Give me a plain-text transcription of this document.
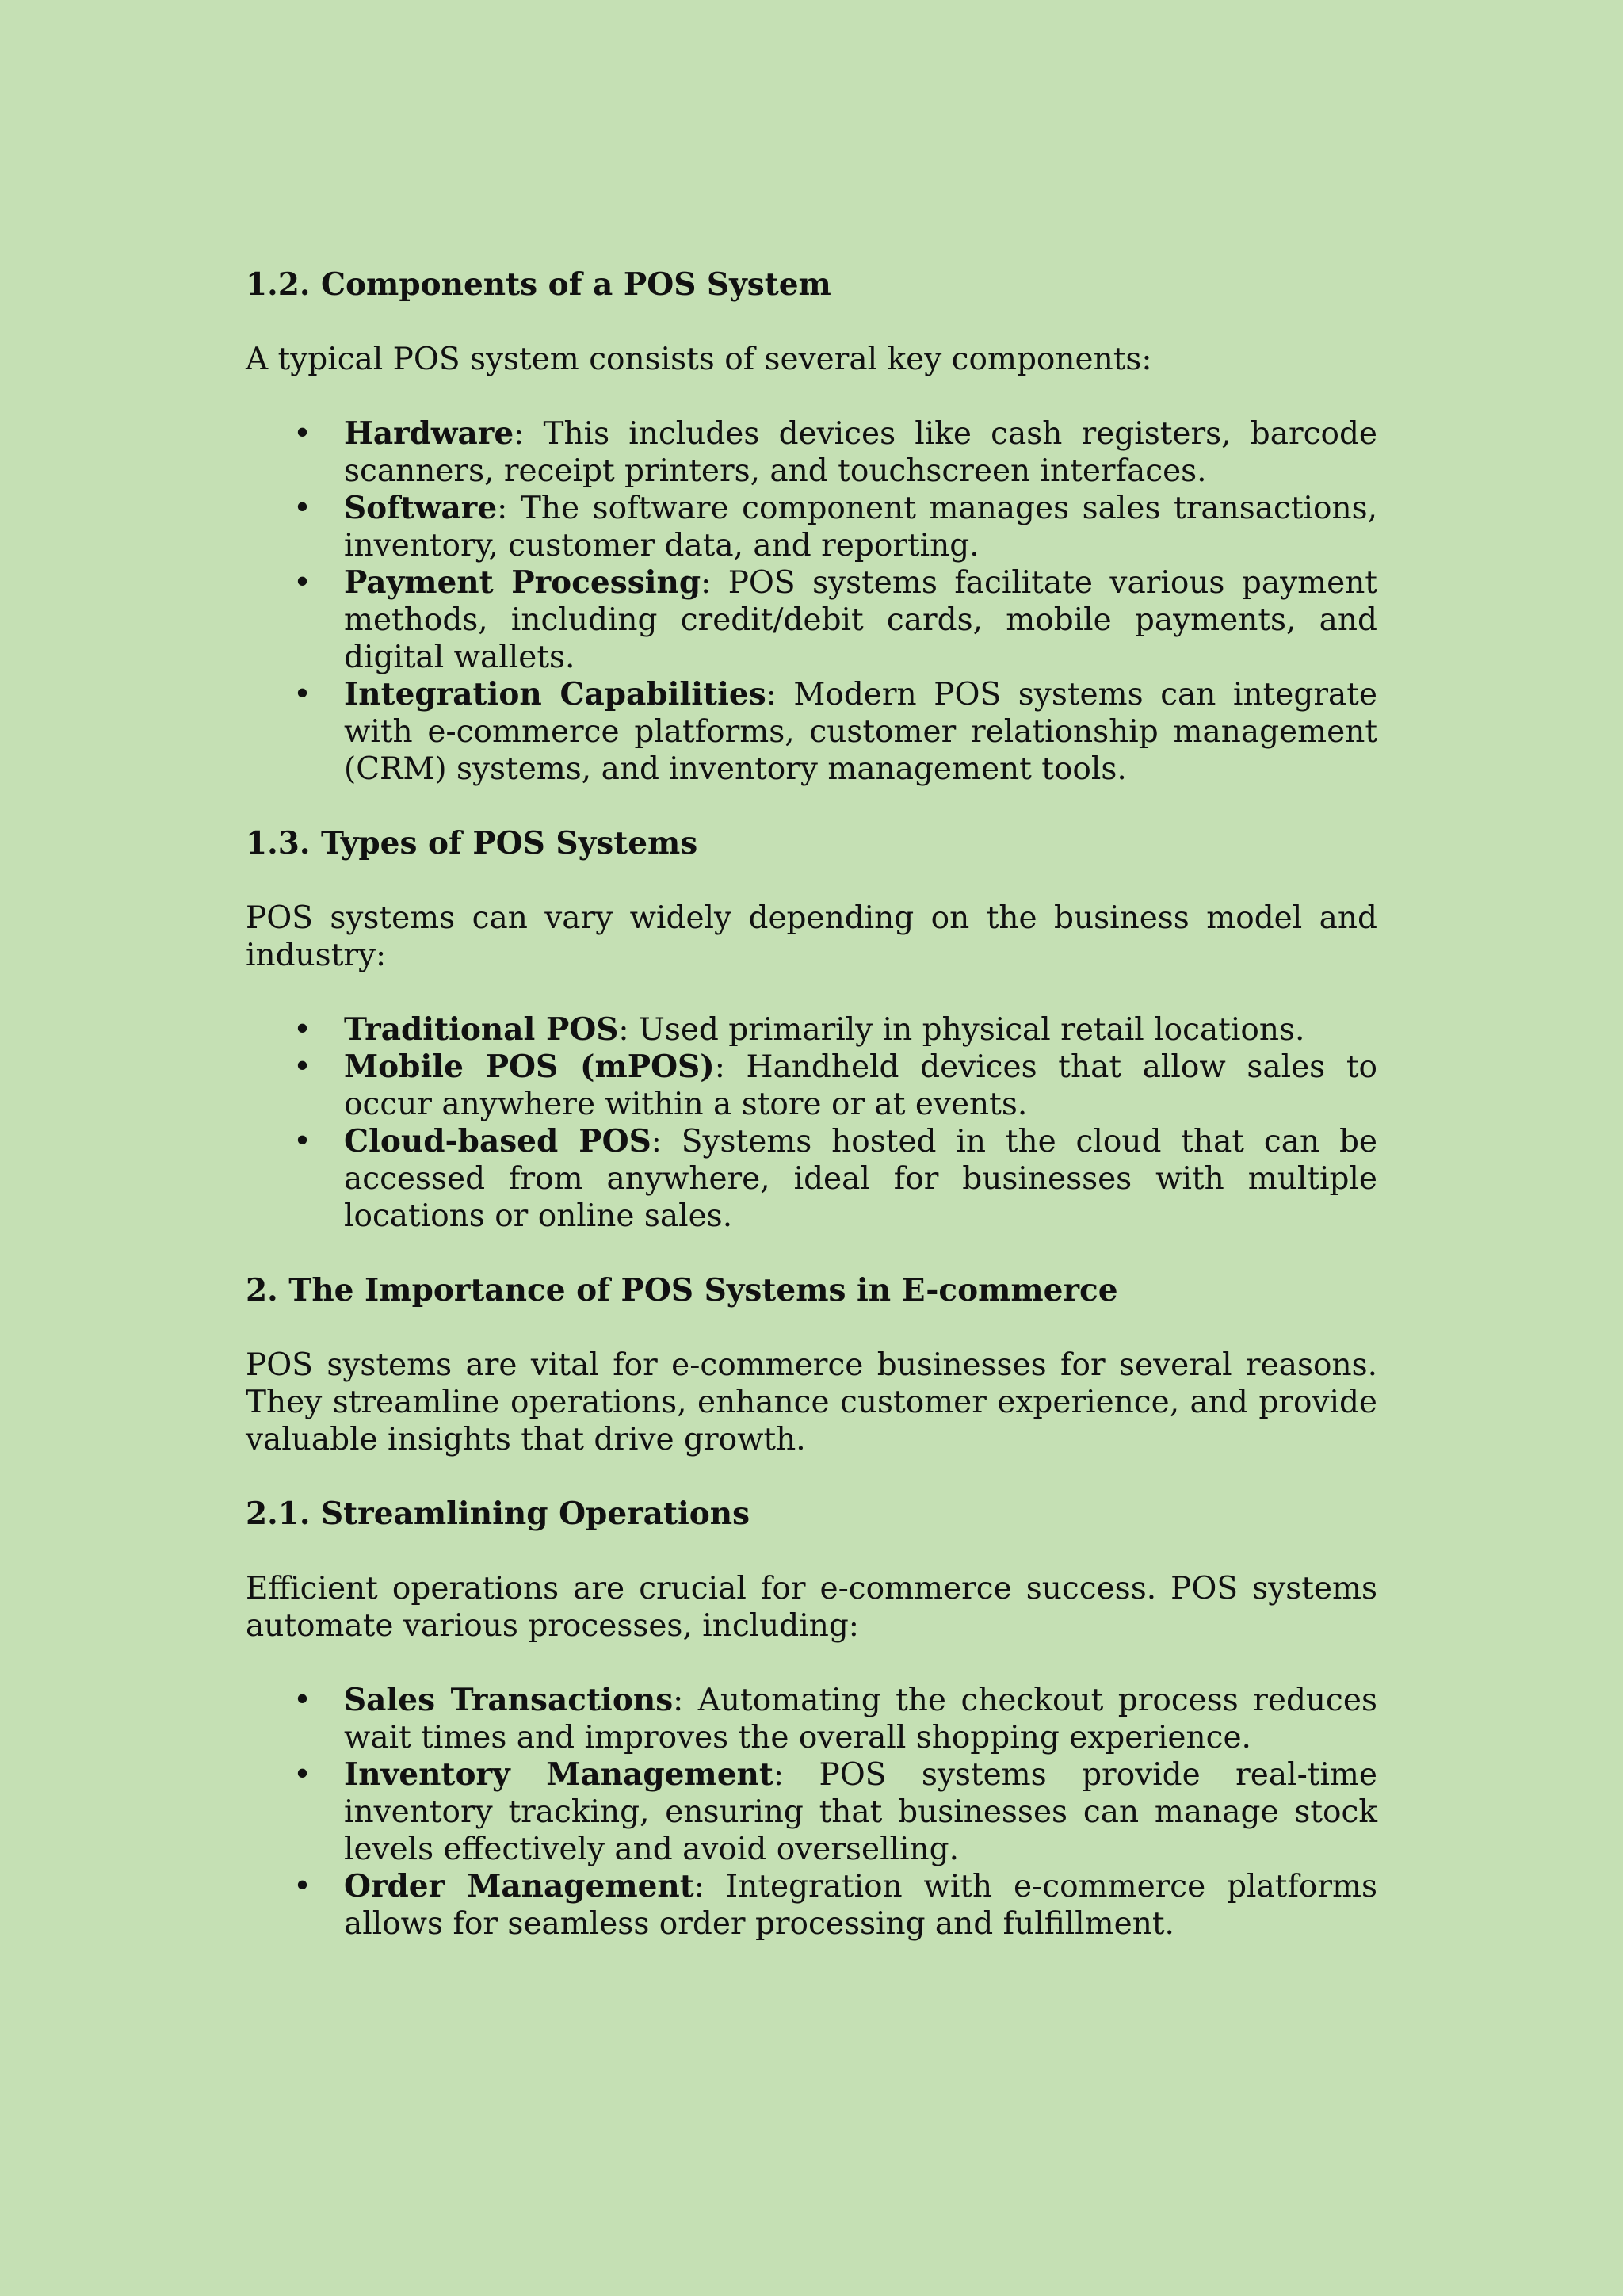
1.2. Components of a POS System

A typical POS system consists of several key components:

• Hardware: This includes devices like cash registers, barcode scanners, receipt printers, and touchscreen interfaces.
• Software: The software component manages sales transactions, inventory, customer data, and reporting.
• Payment Processing: POS systems facilitate various payment methods, including credit/debit cards, mobile payments, and digital wallets.
• Integration Capabilities: Modern POS systems can integrate with e-commerce platforms, customer relationship management (CRM) systems, and inventory management tools.
1.3. Types of POS Systems

POS systems can vary widely depending on the business model and industry:

• Traditional POS: Used primarily in physical retail locations.
• Mobile POS (mPOS): Handheld devices that allow sales to occur anywhere within a store or at events.
• Cloud-based POS: Systems hosted in the cloud that can be accessed from anywhere, ideal for businesses with multiple locations or online sales.
2. The Importance of POS Systems in E-commerce

POS systems are vital for e-commerce businesses for several reasons. They streamline operations, enhance customer experience, and provide valuable insights that drive growth.

2.1. Streamlining Operations

Efficient operations are crucial for e-commerce success. POS systems automate various processes, including:

• Sales Transactions: Automating the checkout process reduces wait times and improves the overall shopping experience.
• Inventory Management: POS systems provide real-time inventory tracking, ensuring that businesses can manage stock levels effectively and avoid overselling.
• Order Management: Integration with e-commerce platforms allows for seamless order processing and fulfillment.
